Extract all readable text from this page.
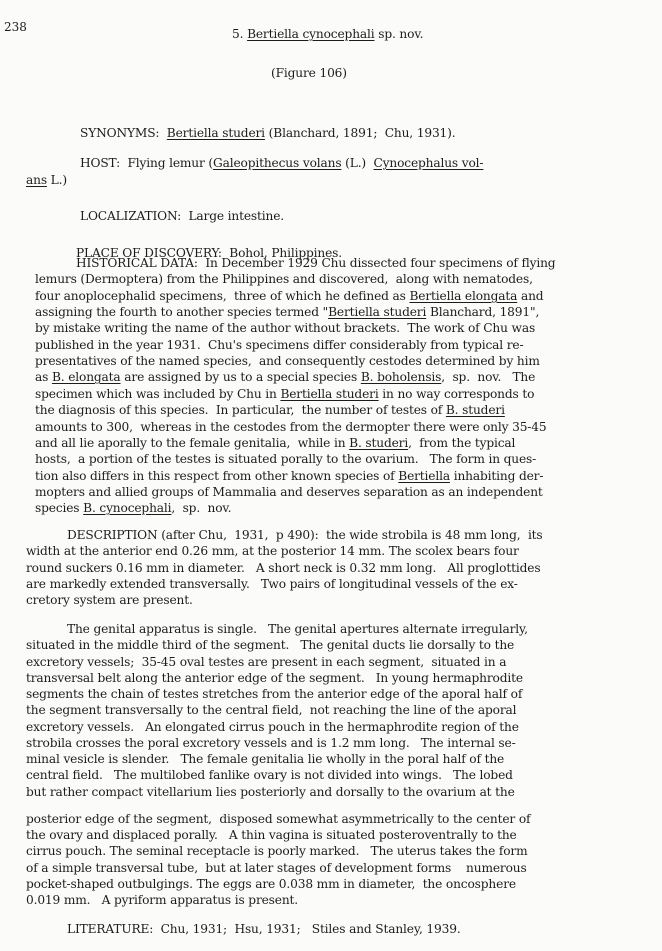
238	5. Bertiella cynocephali sp. nov.
(Figure 106)
SYNONYMS:  Bertiella studeri (Blanchard, 1891;  Chu, 1931).
HOST:  Flying lemur (Galeopithecus volans (L.)  Cynocephalus vol-
ans L.)
LOCALIZATION:  Large intestine.
PLACE OF DISCOVERY:  Bohol, Philippines.
HISTORICAL DATA:  In December 1929 Chu dissected four specimens of flying
lemurs (Dermoptera) from the Philippines and discovered,  along with nematodes,
four anoplocephalid specimens,  three of which he defined as Bertiella elongata and
assigning the fourth to another species termed "Bertiella studeri Blanchard, 1891",
by mistake writing the name of the author without brackets.  The work of Chu was
published in the year 1931.  Chu's specimens differ considerably from typical re-
presentatives of the named species,  and consequently cestodes determined by him
as B. elongata are assigned by us to a special species B. boholensis,  sp.  nov.   The
specimen which was included by Chu in Bertiella studeri in no way corresponds to
the diagnosis of this species.  In particular,  the number of testes of B. studeri
amounts to 300,  whereas in the cestodes from the dermopter there were only 35-45
and all lie aporally to the female genitalia,  while in B. studeri,  from the typical
hosts,  a portion of the testes is situated porally to the ovarium.   The form in ques-
tion also differs in this respect from other known species of Bertiella inhabiting der-
mopters and allied groups of Mammalia and deserves separation as an independent
species B. cynocephali,  sp.  nov.
DESCRIPTION (after Chu,  1931,  p 490):  the wide strobila is 48 mm long,  its
width at the anterior end 0.26 mm, at the posterior 14 mm. The scolex bears four
round suckers 0.16 mm in diameter.   A short neck is 0.32 mm long.   All proglottides
are markedly extended transversally.   Two pairs of longitudinal vessels of the ex-
cretory system are present.
The genital apparatus is single.   The genital apertures alternate irregularly,
situated in the middle third of the segment.   The genital ducts lie dorsally to the
excretory vessels;  35-45 oval testes are present in each segment,  situated in a
transversal belt along the anterior edge of the segment.   In young hermaphrodite
segments the chain of testes stretches from the anterior edge of the aporal half of
the segment transversally to the central field,  not reaching the line of the aporal
excretory vessels.   An elongated cirrus pouch in the hermaphrodite region of the
strobila crosses the poral excretory vessels and is 1.2 mm long.   The internal se-
minal vesicle is slender.   The female genitalia lie wholly in the poral half of the
central field.   The multilobed fanlike ovary is not divided into wings.   The lobed
but rather compact vitellarium lies posteriorly and dorsally to the ovarium at the
posterior edge of the segment,  disposed somewhat asymmetrically to the center of
the ovary and displaced porally.   A thin vagina is situated posteroventrally to the
cirrus pouch. The seminal receptacle is poorly marked.   The uterus takes the form
of a simple transversal tube,  but at later stages of development forms    numerous
pocket-shaped outbulgings. The eggs are 0.038 mm in diameter,  the oncosphere
0.019 mm.   A pyriform apparatus is present.
LITERATURE:  Chu, 1931;  Hsu, 1931;   Stiles and Stanley, 1939.
